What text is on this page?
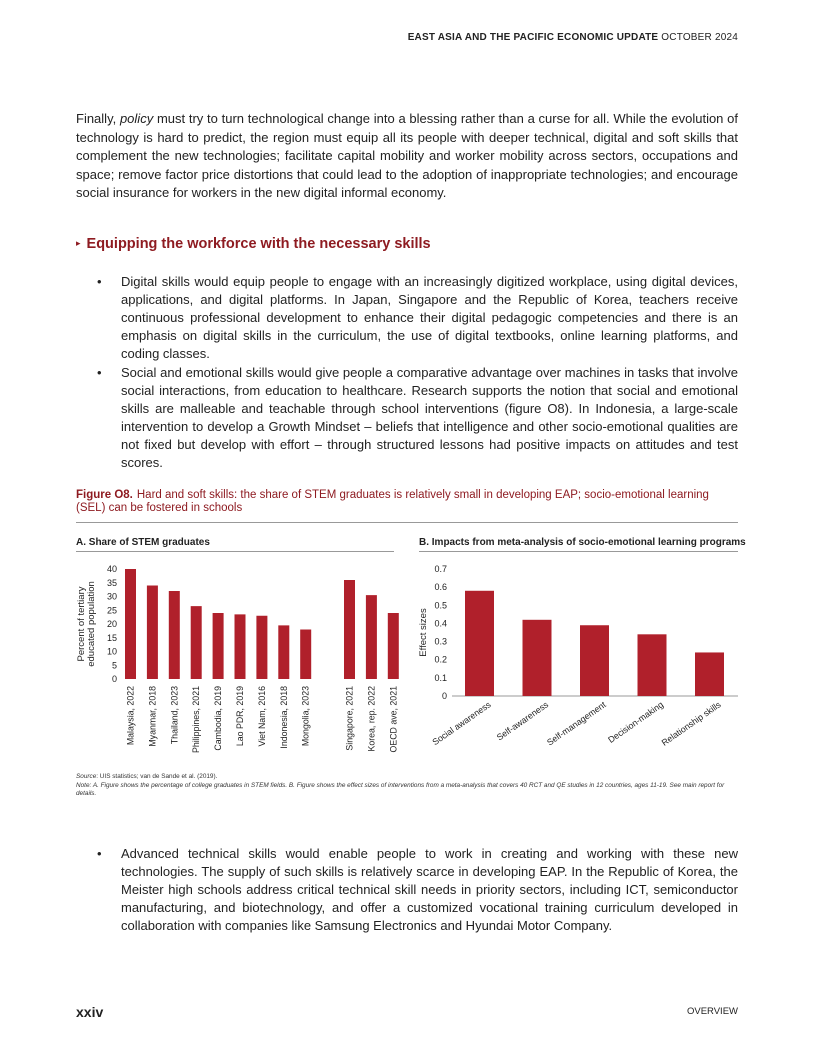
EAST ASIA AND THE PACIFIC ECONOMIC UPDATE OCTOBER 2024
Finally, policy must try to turn technological change into a blessing rather than a curse for all. While the evolution of technology is hard to predict, the region must equip all its people with deeper technical, digital and soft skills that complement the new technologies; facilitate capital mobility and worker mobility across sectors, occupations and space; remove factor price distortions that could lead to the adoption of inappropriate technologies; and encourage social insurance for workers in the new digital informal economy.
▸ Equipping the workforce with the necessary skills
• Digital skills would equip people to engage with an increasingly digitized workplace, using digital devices, applications, and digital platforms. In Japan, Singapore and the Republic of Korea, teachers receive continuous professional development to enhance their digital pedagogic competencies and there is an emphasis on digital skills in the curriculum, the use of digital textbooks, online learning platforms, and coding classes.
• Social and emotional skills would give people a comparative advantage over machines in tasks that involve social interactions, from education to healthcare. Research supports the notion that social and emotional skills are malleable and teachable through school interventions (figure O8). In Indonesia, a large-scale intervention to develop a Growth Mindset – beliefs that intelligence and other socio-emotional qualities are not fixed but develop with effort – through structured lessons had positive impacts on attitudes and test scores.
Figure O8. Hard and soft skills: the share of STEM graduates is relatively small in developing EAP; socio-emotional learning (SEL) can be fostered in schools
A. Share of STEM graduates	B. Impacts from meta-analysis of socio-emotional learning programs
Percent of tertiary educated population
0
5
10
15
20
25
30
35
40
Malaysia, 2022 Myanmar, 2018 Thailand, 2023 Philippines, 2021 Cambodia, 2019 Lao PDR, 2019 Viet Nam, 2016 Indonesia, 2018 Mongolia, 2023	Singapore, 2021 Korea, rep. 2022 OECD ave, 2021
Effect sizes
0
0.1
0.2
0.3
0.4
0.5
0.6
0.7
Social awareness Self-awareness
Self-management
Decision-making
Relationship skills
Source: UIS statistics; van de Sande et al. (2019).
Note: A. Figure shows the percentage of college graduates in STEM fields. B. Figure shows the effect sizes of interventions from a meta-analysis that covers 40 RCT and QE studies in 12 countries, ages 11-19. See main report for details.
• Advanced technical skills would enable people to work in creating and working with these new technologies. The supply of such skills is relatively scarce in developing EAP. In the Republic of Korea, the Meister high schools address critical technical skill needs in priority sectors, including ICT, semiconductor manufacturing, and biotechnology, and offer a customized vocational training curriculum developed in collaboration with companies like Samsung Electronics and Hyundai Motor Company.
xxiv	OVERVIEW
